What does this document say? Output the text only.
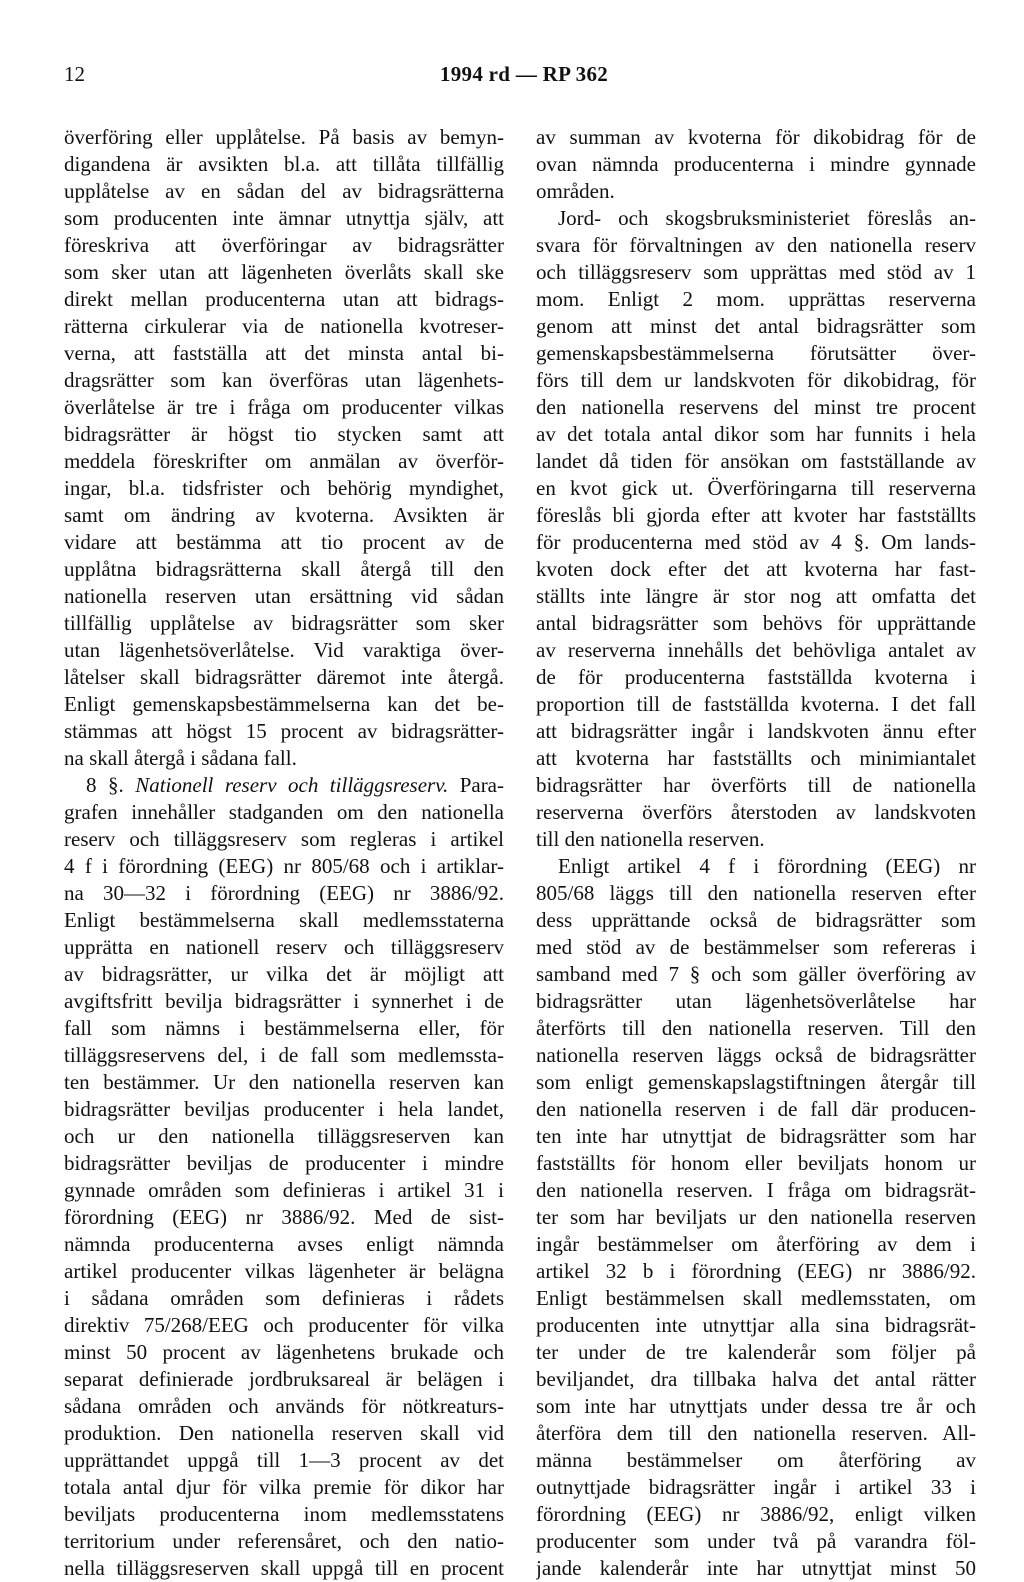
12	1994 rd — RP 362
överföring eller upplåtelse. På basis av bemyn-
digandena är avsikten bl.a. att tillåta tillfällig
upplåtelse av en sådan del av bidragsrätterna
som producenten inte ämnar utnyttja själv, att
föreskriva att överföringar av bidragsrätter
som sker utan att lägenheten överlåts skall ske
direkt mellan producenterna utan att bidrags-
rätterna cirkulerar via de nationella kvotreser-
verna, att fastställa att det minsta antal bi-
dragsrätter som kan överföras utan lägenhets-
överlåtelse är tre i fråga om producenter vilkas
bidragsrätter är högst tio stycken samt att
meddela föreskrifter om anmälan av överför-
ingar, bl.a. tidsfrister och behörig myndighet,
samt om ändring av kvoterna. Avsikten är
vidare att bestämma att tio procent av de
upplåtna bidragsrätterna skall återgå till den
nationella reserven utan ersättning vid sådan
tillfällig upplåtelse av bidragsrätter som sker
utan lägenhetsöverlåtelse. Vid varaktiga över-
låtelser skall bidragsrätter däremot inte återgå.
Enligt gemenskapsbestämmelserna kan det be-
stämmas att högst 15 procent av bidragsrätter-
na skall återgå i sådana fall.
8 §. Nationell reserv och tilläggsreserv. Para-
grafen innehåller stadganden om den nationella
reserv och tilläggsreserv som regleras i artikel
4 f i förordning (EEG) nr 805/68 och i artiklar-
na 30—32 i förordning (EEG) nr 3886/92.
Enligt bestämmelserna skall medlemsstaterna
upprätta en nationell reserv och tilläggsreserv
av bidragsrätter, ur vilka det är möjligt att
avgiftsfritt bevilja bidragsrätter i synnerhet i de
fall som nämns i bestämmelserna eller, för
tilläggsreservens del, i de fall som medlemssta-
ten bestämmer. Ur den nationella reserven kan
bidragsrätter beviljas producenter i hela landet,
och ur den nationella tilläggsreserven kan
bidragsrätter beviljas de producenter i mindre
gynnade områden som definieras i artikel 31 i
förordning (EEG) nr 3886/92. Med de sist-
nämnda producenterna avses enligt nämnda
artikel producenter vilkas lägenheter är belägna
i sådana områden som definieras i rådets
direktiv 75/268/EEG och producenter för vilka
minst 50 procent av lägenhetens brukade och
separat definierade jordbruksareal är belägen i
sådana områden och används för nötkreaturs-
produktion. Den nationella reserven skall vid
upprättandet uppgå till 1—3 procent av det
totala antal djur för vilka premie för dikor har
beviljats producenterna inom medlemsstatens
territorium under referensåret, och den natio-
nella tilläggsreserven skall uppgå till en procent
av summan av kvoterna för dikobidrag för de
ovan nämnda producenterna i mindre gynnade
områden.
Jord- och skogsbruksministeriet föreslås an-
svara för förvaltningen av den nationella reserv
och tilläggsreserv som upprättas med stöd av 1
mom. Enligt 2 mom. upprättas reserverna
genom att minst det antal bidragsrätter som
gemenskapsbestämmelserna förutsätter över-
förs till dem ur landskvoten för dikobidrag, för
den nationella reservens del minst tre procent
av det totala antal dikor som har funnits i hela
landet då tiden för ansökan om fastställande av
en kvot gick ut. Överföringarna till reserverna
föreslås bli gjorda efter att kvoter har fastställts
för producenterna med stöd av 4 §. Om lands-
kvoten dock efter det att kvoterna har fast-
ställts inte längre är stor nog att omfatta det
antal bidragsrätter som behövs för upprättande
av reserverna innehålls det behövliga antalet av
de för producenterna fastställda kvoterna i
proportion till de fastställda kvoterna. I det fall
att bidragsrätter ingår i landskvoten ännu efter
att kvoterna har fastställts och minimiantalet
bidragsrätter har överförts till de nationella
reserverna överförs återstoden av landskvoten
till den nationella reserven.
Enligt artikel 4 f i förordning (EEG) nr
805/68 läggs till den nationella reserven efter
dess upprättande också de bidragsrätter som
med stöd av de bestämmelser som refereras i
samband med 7 § och som gäller överföring av
bidragsrätter utan lägenhetsöverlåtelse har
återförts till den nationella reserven. Till den
nationella reserven läggs också de bidragsrätter
som enligt gemenskapslagstiftningen återgår till
den nationella reserven i de fall där producen-
ten inte har utnyttjat de bidragsrätter som har
fastställts för honom eller beviljats honom ur
den nationella reserven. I fråga om bidragsrät-
ter som har beviljats ur den nationella reserven
ingår bestämmelser om återföring av dem i
artikel 32 b i förordning (EEG) nr 3886/92.
Enligt bestämmelsen skall medlemsstaten, om
producenten inte utnyttjar alla sina bidragsrät-
ter under de tre kalenderår som följer på
beviljandet, dra tillbaka halva det antal rätter
som inte har utnyttjats under dessa tre år och
återföra dem till den nationella reserven. All-
männa bestämmelser om återföring av
outnyttjade bidragsrätter ingår i artikel 33 i
förordning (EEG) nr 3886/92, enligt vilken
producenter som under två på varandra föl-
jande kalenderår inte har utnyttjat minst 50
